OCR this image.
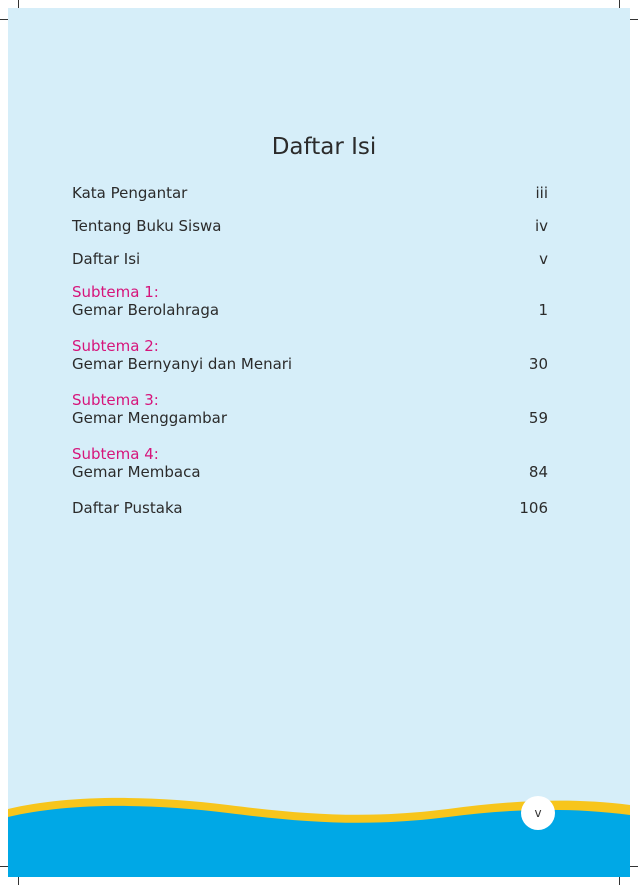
Daftar Isi
Kata Pengantar	iii
Tentang Buku Siswa	iv
Daftar Isi	v
Subtema 1:
Gemar Berolahraga	1
Subtema 2:
Gemar Bernyanyi dan Menari	30
Subtema 3:
Gemar Menggambar	59
Subtema 4:
Gemar Membaca	84
Daftar Pustaka	106
v
